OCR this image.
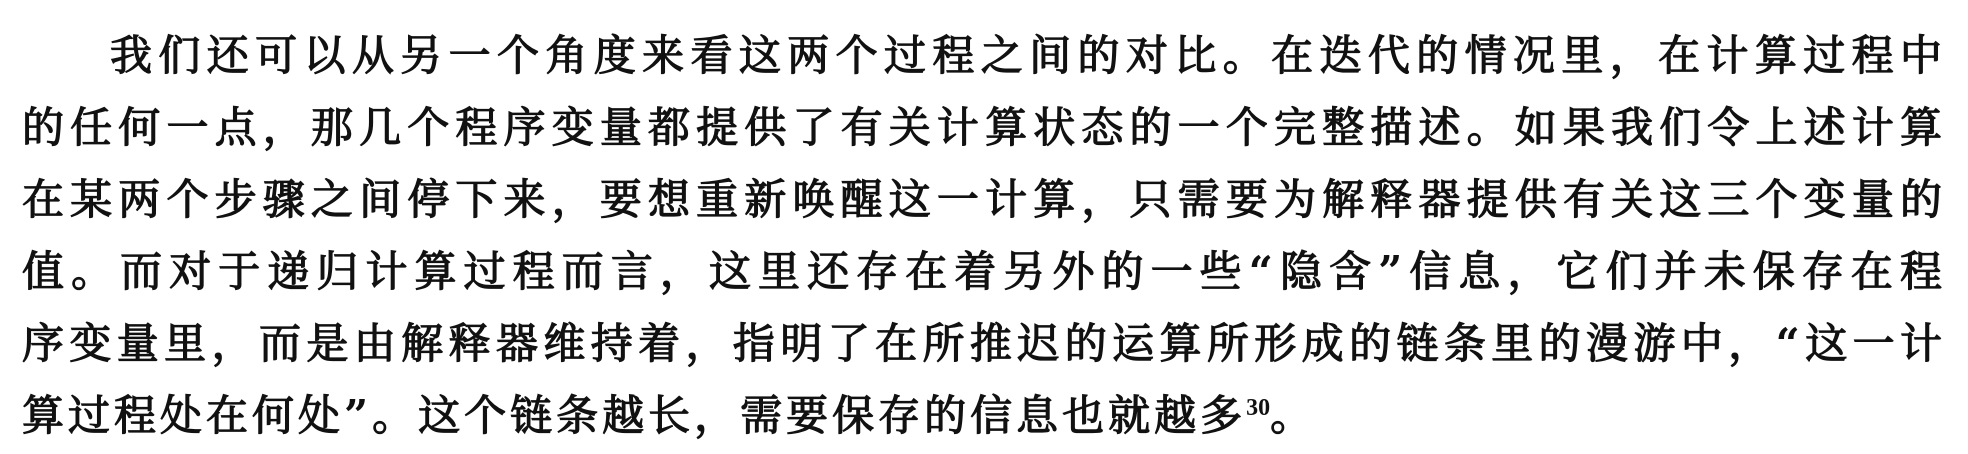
我们还可以从另一个角度来看这两个过程之间的对比。在迭代的情况里，在计算过程中
的任何一点，那几个程序变量都提供了有关计算状态的一个完整描述。如果我们令上述计算
在某两个步骤之间停下来，要想重新唤醒这一计算，只需要为解释器提供有关这三个变量的
值。而对于递归计算过程而言，这里还存在着另外的一些“隐含”信息，它们并未保存在程
序变量里，而是由解释器维持着，指明了在所推迟的运算所形成的链条里的漫游中，“这一计
算过程处在何处”。这个链条越长，需要保存的信息也就越多$^{30}$。
